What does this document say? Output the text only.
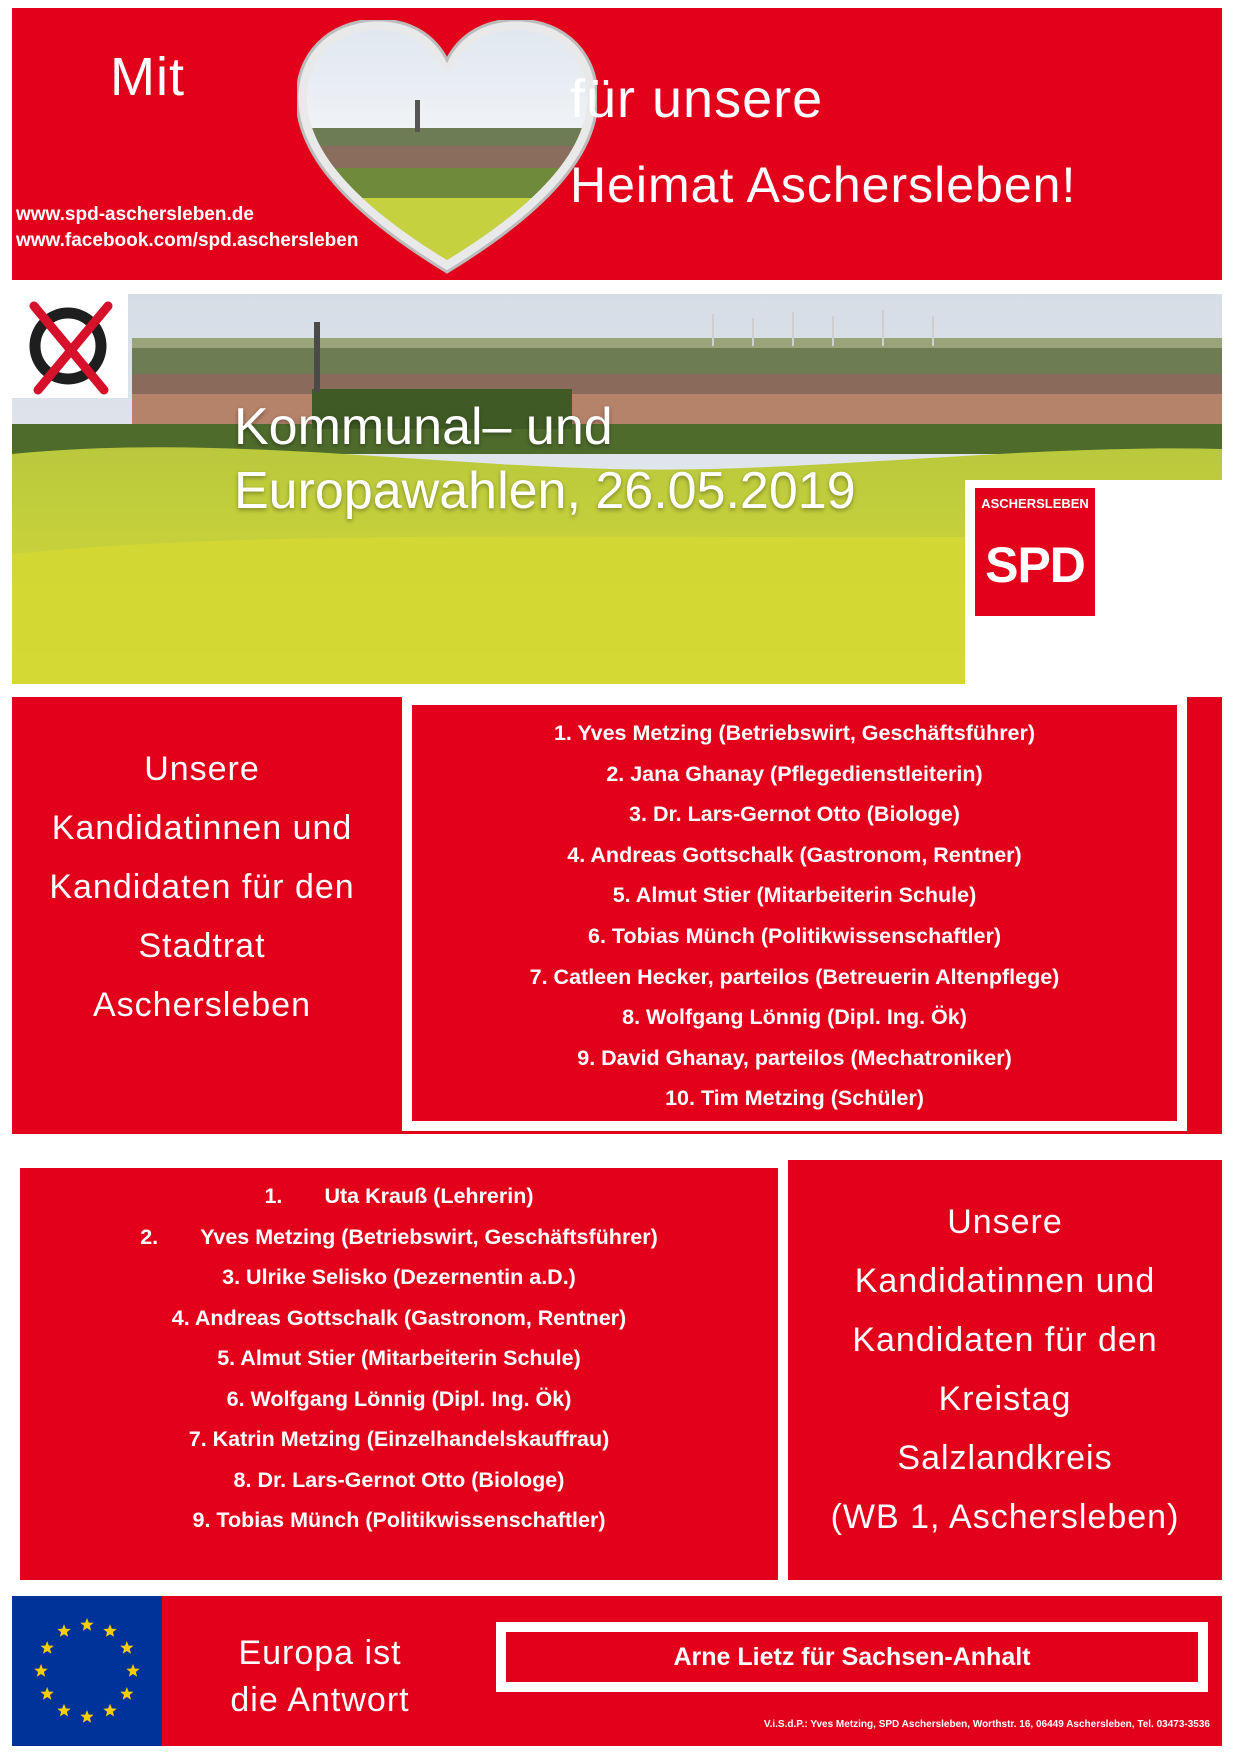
Mit	für unsere
Heimat Aschersleben!
www.spd-aschersleben.de
www.facebook.com/spd.aschersleben
Kommunal– und
Europawahlen, 26.05.2019	ASCHERSLEBEN
SPD
Unsere
Kandidatinnen und
Kandidaten für den
Stadtrat
Aschersleben
1. Yves Metzing (Betriebswirt, Geschäftsführer)
2. Jana Ghanay (Pflegedienstleiterin)
3. Dr. Lars-Gernot Otto (Biologe)
4. Andreas Gottschalk (Gastronom, Rentner)
5. Almut Stier (Mitarbeiterin Schule)
6. Tobias Münch (Politikwissenschaftler)
7. Catleen Hecker, parteilos (Betreuerin Altenpflege)
8. Wolfgang Lönnig (Dipl. Ing. Ök)
9. David Ghanay, parteilos (Mechatroniker)
10. Tim Metzing (Schüler)
1. Uta Krauß (Lehrerin)
2. Yves Metzing (Betriebswirt, Geschäftsführer)
3. Ulrike Selisko (Dezernentin a.D.)
4. Andreas Gottschalk (Gastronom, Rentner)
5. Almut Stier (Mitarbeiterin Schule)
6. Wolfgang Lönnig (Dipl. Ing. Ök)
7. Katrin Metzing (Einzelhandelskauffrau)
8. Dr. Lars-Gernot Otto (Biologe)
9. Tobias Münch (Politikwissenschaftler)
Unsere
Kandidatinnen und
Kandidaten für den
Kreistag
Salzlandkreis
(WB 1, Aschersleben)
Europa ist
die Antwort
Arne Lietz für Sachsen-Anhalt
V.i.S.d.P.: Yves Metzing, SPD Aschersleben, Worthstr. 16, 06449 Aschersleben, Tel. 03473-3536
